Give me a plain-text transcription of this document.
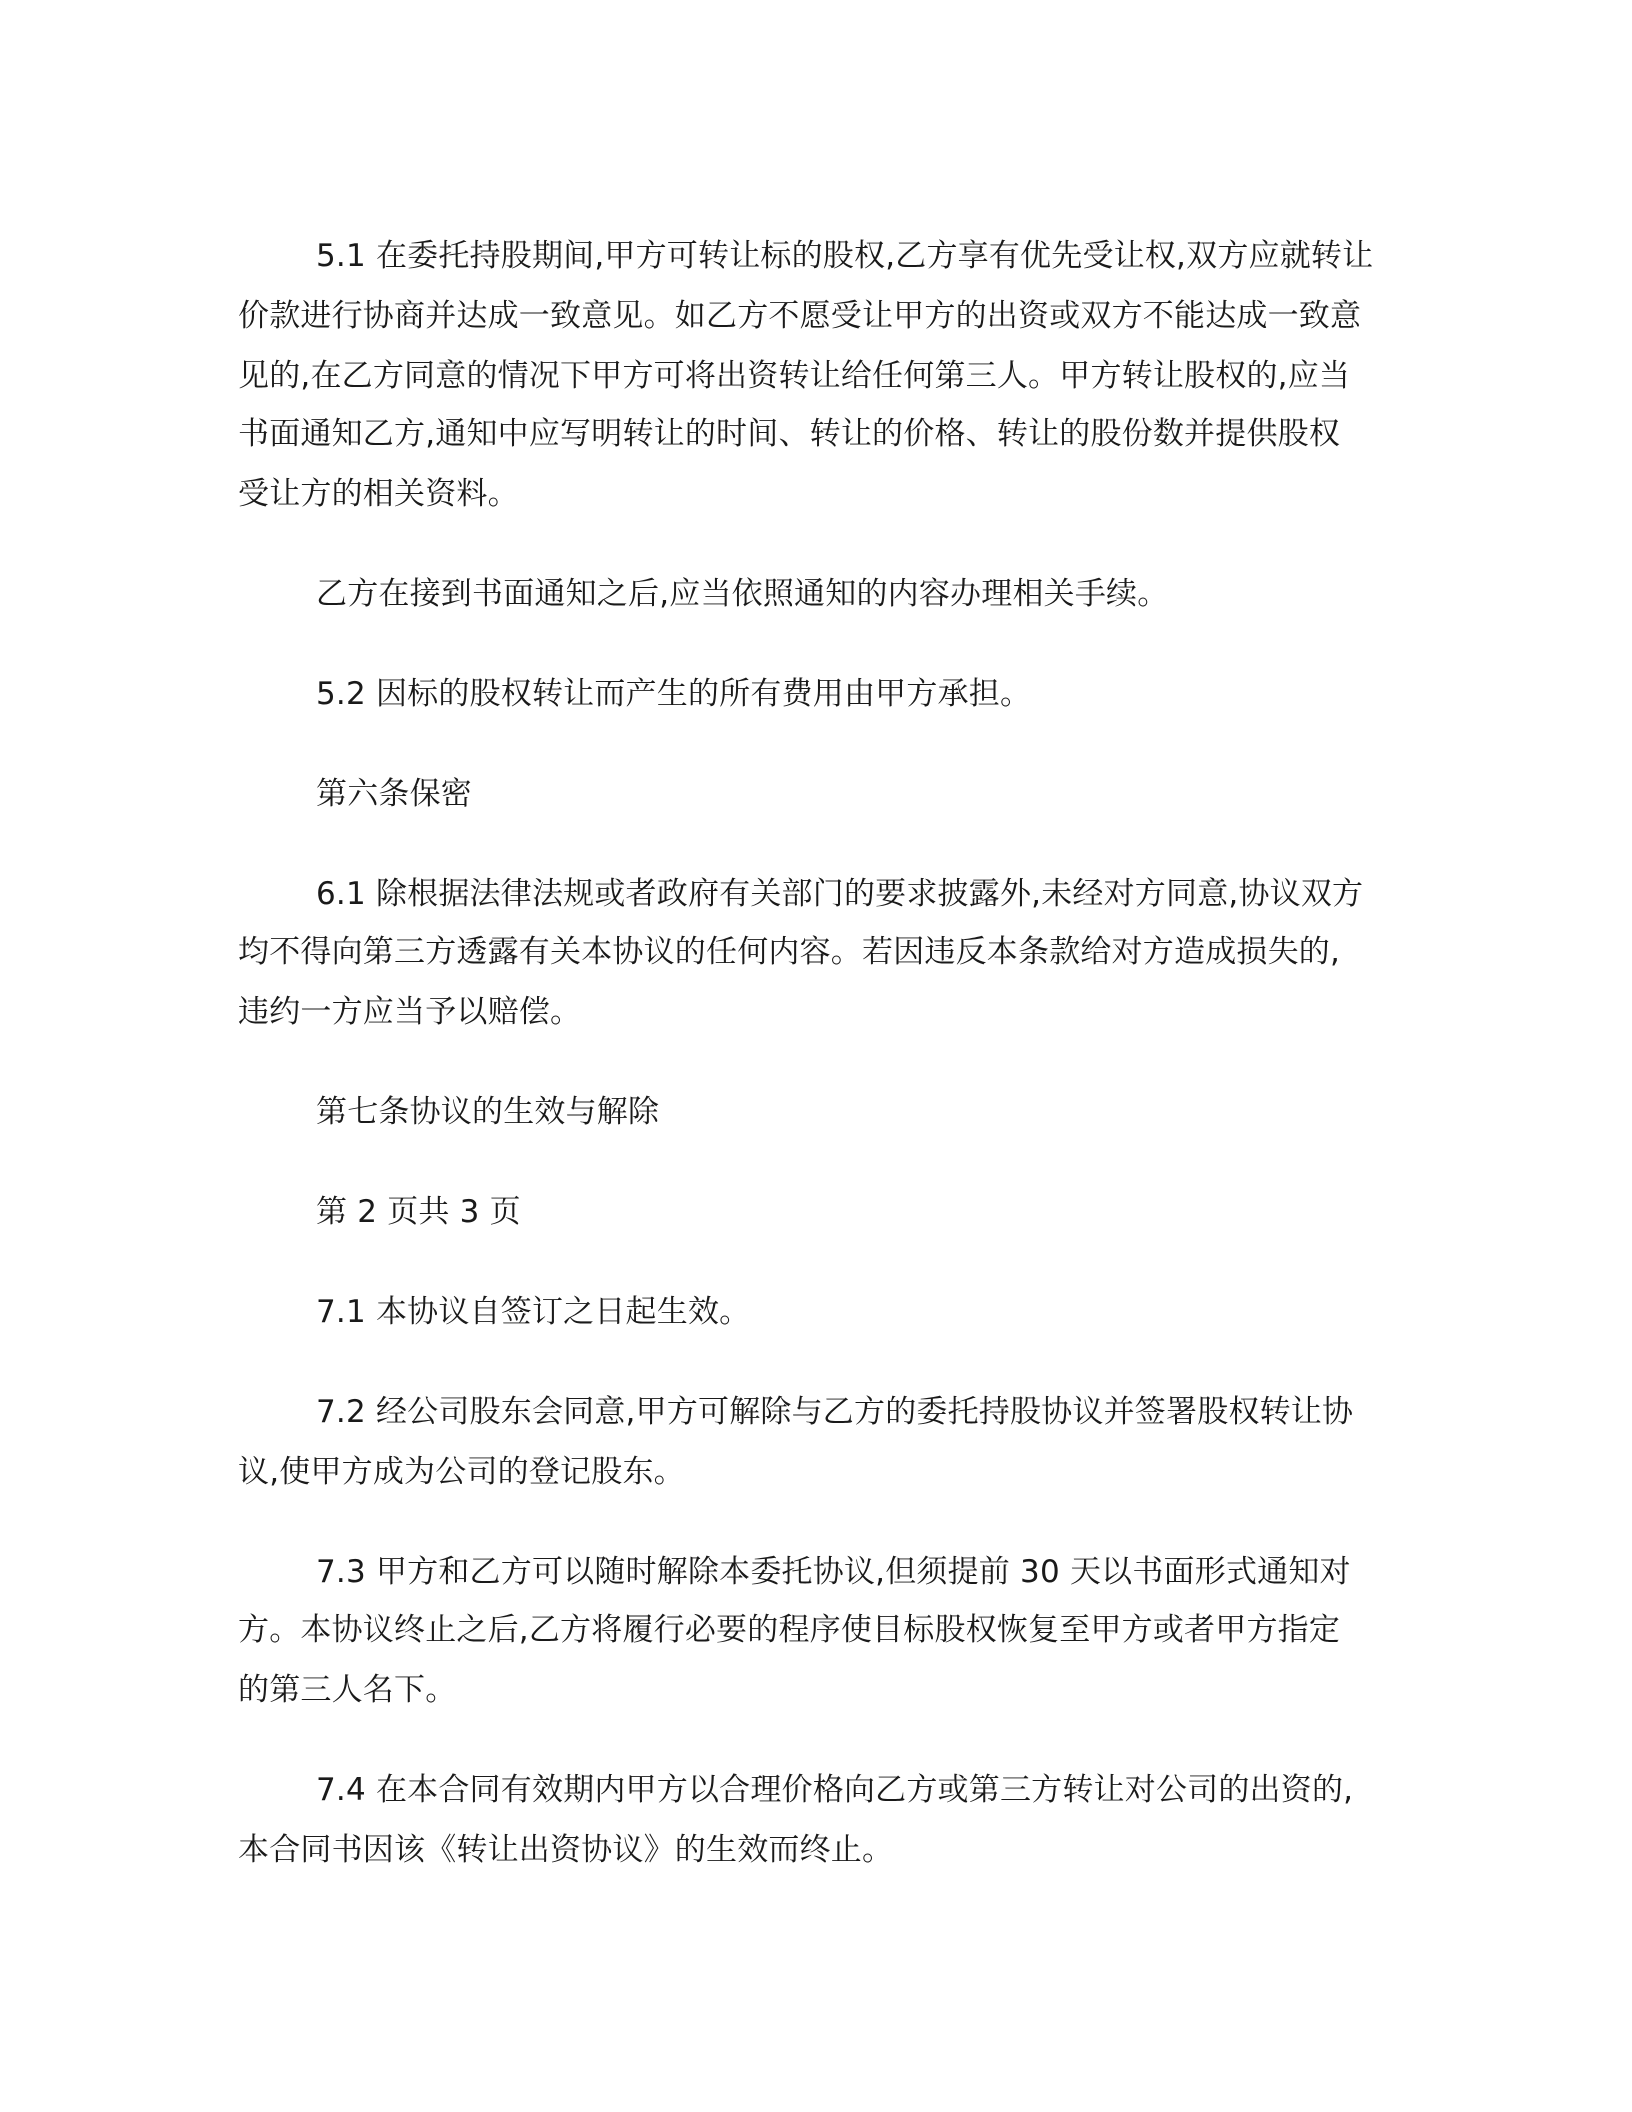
5.1 在委托持股期间,甲方可转让标的股权,乙方享有优先受让权,双方应就转让
价款进行协商并达成一致意见。如乙方不愿受让甲方的出资或双方不能达成一致意
见的,在乙方同意的情况下甲方可将出资转让给任何第三人。甲方转让股权的,应当
书面通知乙方,通知中应写明转让的时间、转让的价格、转让的股份数并提供股权
受让方的相关资料。
乙方在接到书面通知之后,应当依照通知的内容办理相关手续。
5.2 因标的股权转让而产生的所有费用由甲方承担。
第六条保密
6.1 除根据法律法规或者政府有关部门的要求披露外,未经对方同意,协议双方
均不得向第三方透露有关本协议的任何内容。若因违反本条款给对方造成损失的,
违约一方应当予以赔偿。
第七条协议的生效与解除
第 2 页共 3 页
7.1 本协议自签订之日起生效。
7.2 经公司股东会同意,甲方可解除与乙方的委托持股协议并签署股权转让协
议,使甲方成为公司的登记股东。
7.3 甲方和乙方可以随时解除本委托协议,但须提前 30 天以书面形式通知对
方。本协议终止之后,乙方将履行必要的程序使目标股权恢复至甲方或者甲方指定
的第三人名下。
7.4 在本合同有效期内甲方以合理价格向乙方或第三方转让对公司的出资的,
本合同书因该《转让出资协议》的生效而终止。
